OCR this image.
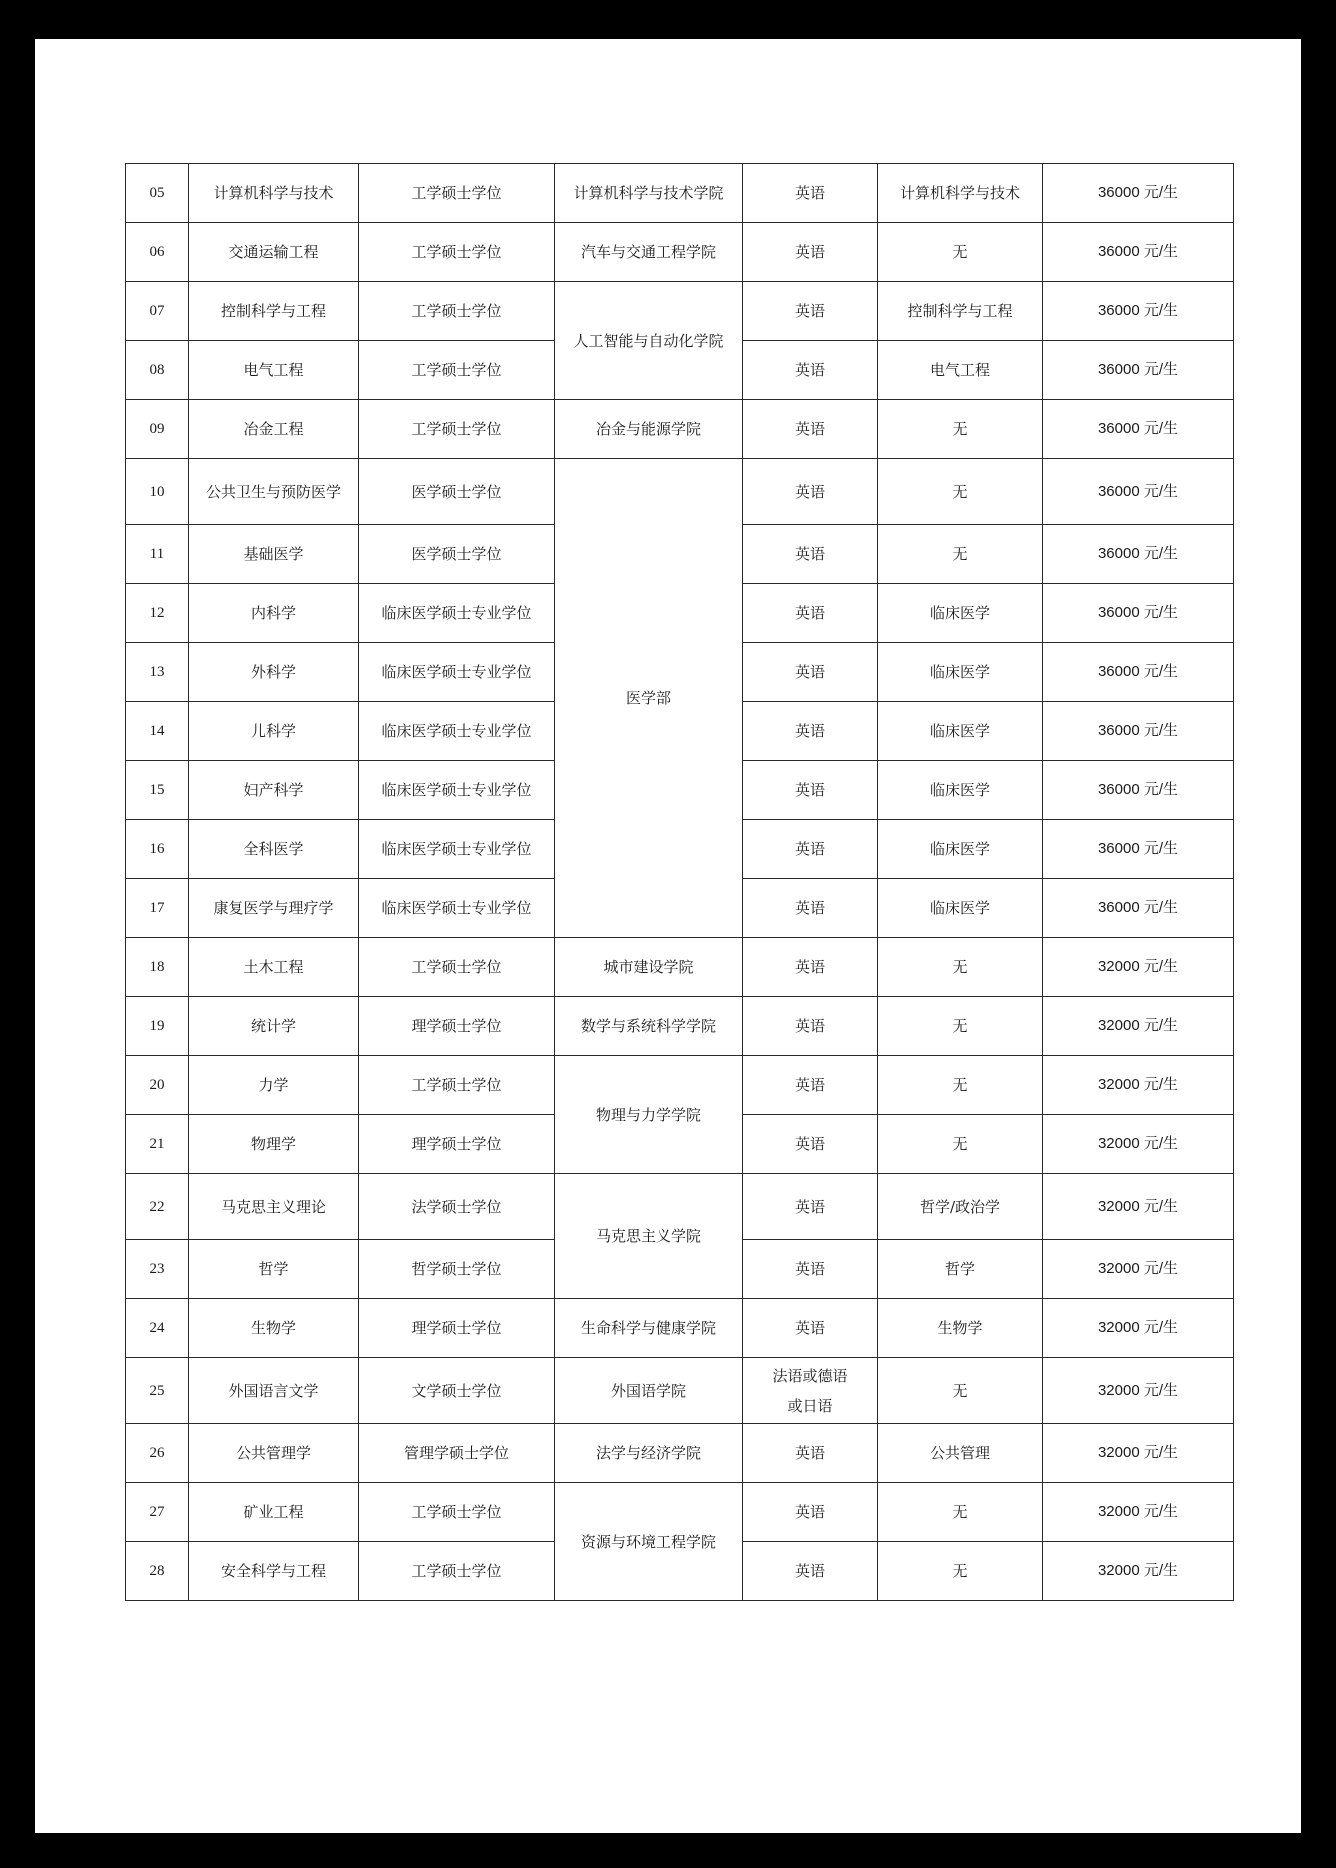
05	计算机科学与技术	工学硕士学位	计算机科学与技术学院	英语	计算机科学与技术	36000 元/生
06	交通运输工程	工学硕士学位	汽车与交通工程学院	英语	无	36000 元/生
07	控制科学与工程	工学硕士学位	人工智能与自动化学院	英语	控制科学与工程	36000 元/生
08	电气工程	工学硕士学位		英语	电气工程	36000 元/生
09	冶金工程	工学硕士学位	冶金与能源学院	英语	无	36000 元/生
10	公共卫生与预防医学	医学硕士学位	医学部	英语	无	36000 元/生
11	基础医学	医学硕士学位		英语	无	36000 元/生
12	内科学	临床医学硕士专业学位		英语	临床医学	36000 元/生
13	外科学	临床医学硕士专业学位		英语	临床医学	36000 元/生
14	儿科学	临床医学硕士专业学位		英语	临床医学	36000 元/生
15	妇产科学	临床医学硕士专业学位		英语	临床医学	36000 元/生
16	全科医学	临床医学硕士专业学位		英语	临床医学	36000 元/生
17	康复医学与理疗学	临床医学硕士专业学位		英语	临床医学	36000 元/生
18	土木工程	工学硕士学位	城市建设学院	英语	无	32000 元/生
19	统计学	理学硕士学位	数学与系统科学学院	英语	无	32000 元/生
20	力学	工学硕士学位	物理与力学学院	英语	无	32000 元/生
21	物理学	理学硕士学位		英语	无	32000 元/生
22	马克思主义理论	法学硕士学位	马克思主义学院	英语	哲学/政治学	32000 元/生
23	哲学	哲学硕士学位		英语	哲学	32000 元/生
24	生物学	理学硕士学位	生命科学与健康学院	英语	生物学	32000 元/生
25	外国语言文学	文学硕士学位	外国语学院	法语或德语
或日语	无	32000 元/生
26	公共管理学	管理学硕士学位	法学与经济学院	英语	公共管理	32000 元/生
27	矿业工程	工学硕士学位	资源与环境工程学院	英语	无	32000 元/生
28	安全科学与工程	工学硕士学位		英语	无	32000 元/生
